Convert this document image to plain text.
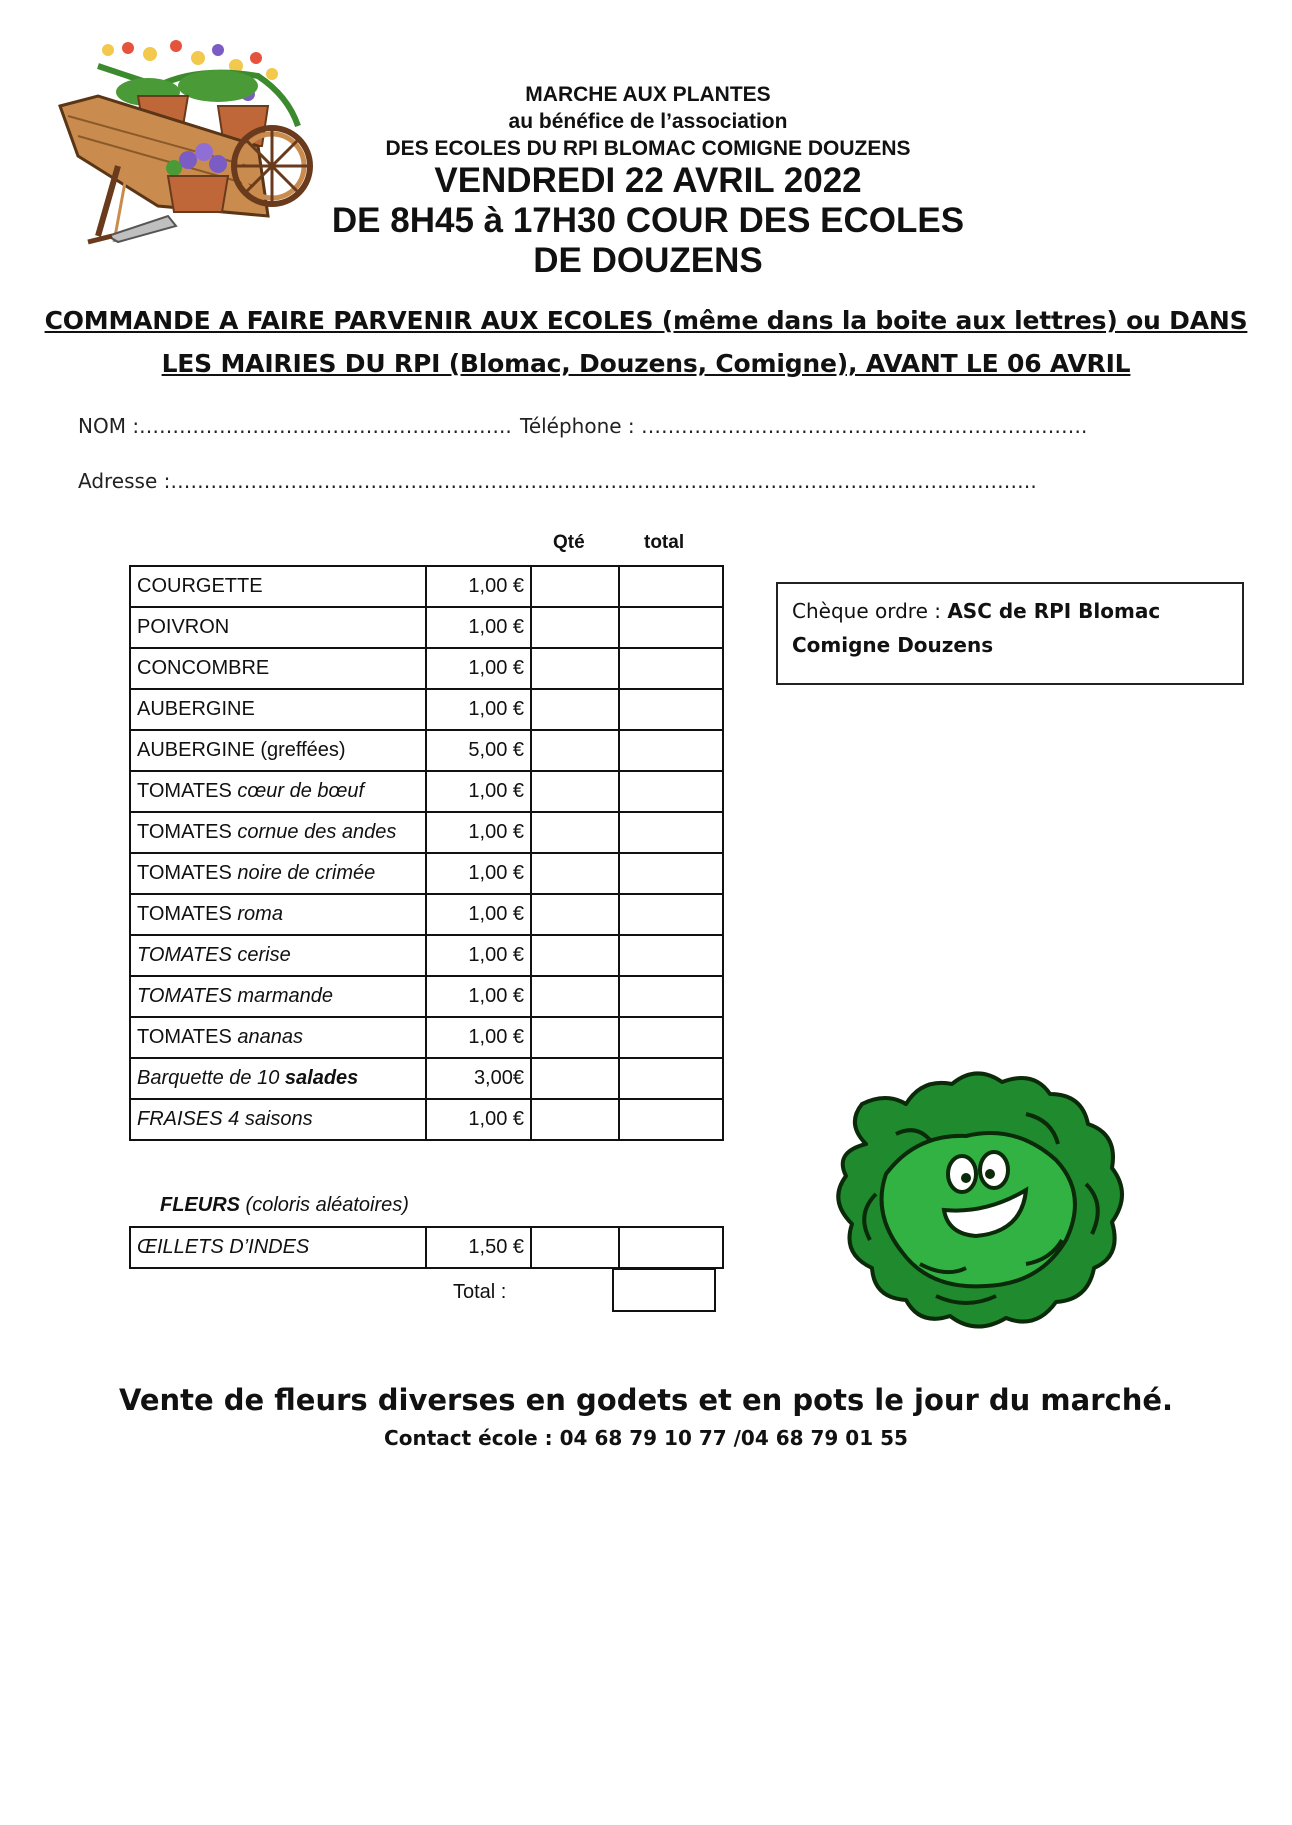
MARCHE AUX PLANTES
au bénéfice de l’association
DES ECOLES DU RPI BLOMAC COMIGNE DOUZENS
VENDREDI 22 AVRIL 2022
DE 8H45 à 17H30 COUR DES ECOLES
DE DOUZENS
COMMANDE A FAIRE PARVENIR AUX ECOLES (même dans la boite aux lettres) ou DANS
LES MAIRIES DU RPI (Blomac, Douzens, Comigne), AVANT LE 06 AVRIL
NOM :……………………………………………….. Téléphone : ………………………………………………………….
Adresse :………………………………………………………………………………………………………………….
Qté	total
COURGETTE	1,00 €		
POIVRON	1,00 €		
CONCOMBRE	1,00 €		
AUBERGINE	1,00 €		
AUBERGINE (greffées)	5,00 €		
TOMATES cœur de bœuf	1,00 €		
TOMATES cornue des andes	1,00 €		
TOMATES noire de crimée	1,00 €		
TOMATES roma	1,00 €		
TOMATES cerise	1,00 €		
TOMATES marmande	1,00 €		
TOMATES ananas	1,00 €		
Barquette de 10 salades	3,00€		
FRAISES 4 saisons	1,00 €		
FLEURS (coloris aléatoires)
ŒILLETS D’INDES	1,50 €		
Total :
Chèque ordre : ASC de RPI Blomac Comigne Douzens
Vente de fleurs diverses en godets et en pots le jour du marché.
Contact école : 04 68 79 10 77 /04 68 79 01 55
